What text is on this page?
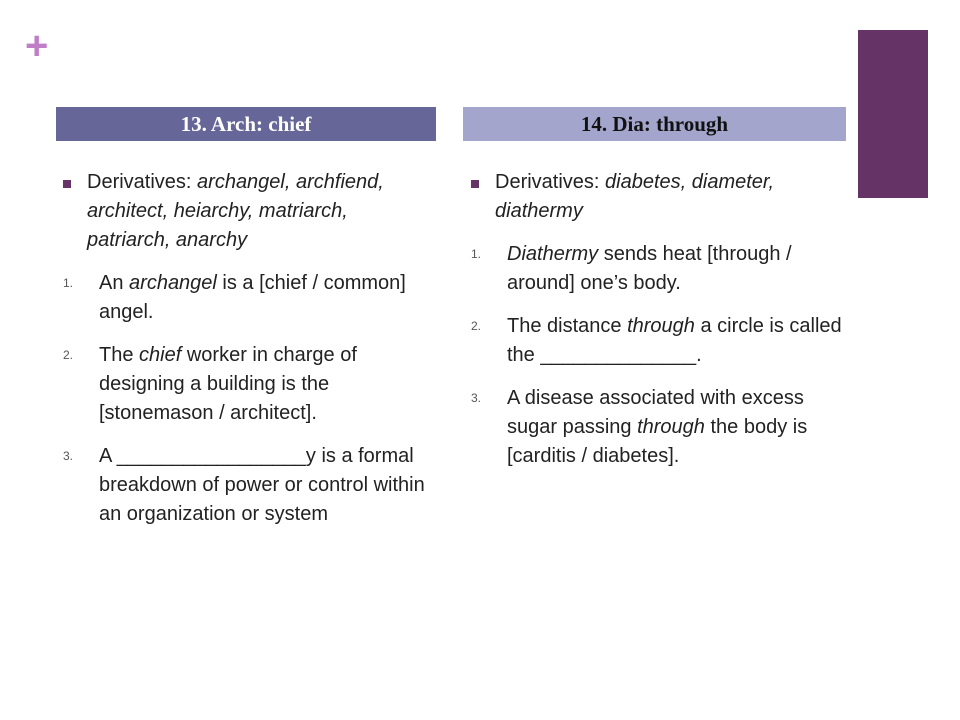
+
13. Arch: chief	14. Dia: through
Derivatives: archangel, archfiend, architect, heiarchy, matriarch, patriarch, anarchy
1. An archangel is a [chief / common] angel.
2. The chief worker in charge of designing a building is the [stonemason / architect].
3. A _________________y is a formal breakdown of power or control within an organization or system
Derivatives: diabetes, diameter, diathermy
1. Diathermy sends heat [through / around] one’s body.
2. The distance through a circle is called the ______________.
3. A disease associated with excess sugar passing through the body is [carditis / diabetes].
